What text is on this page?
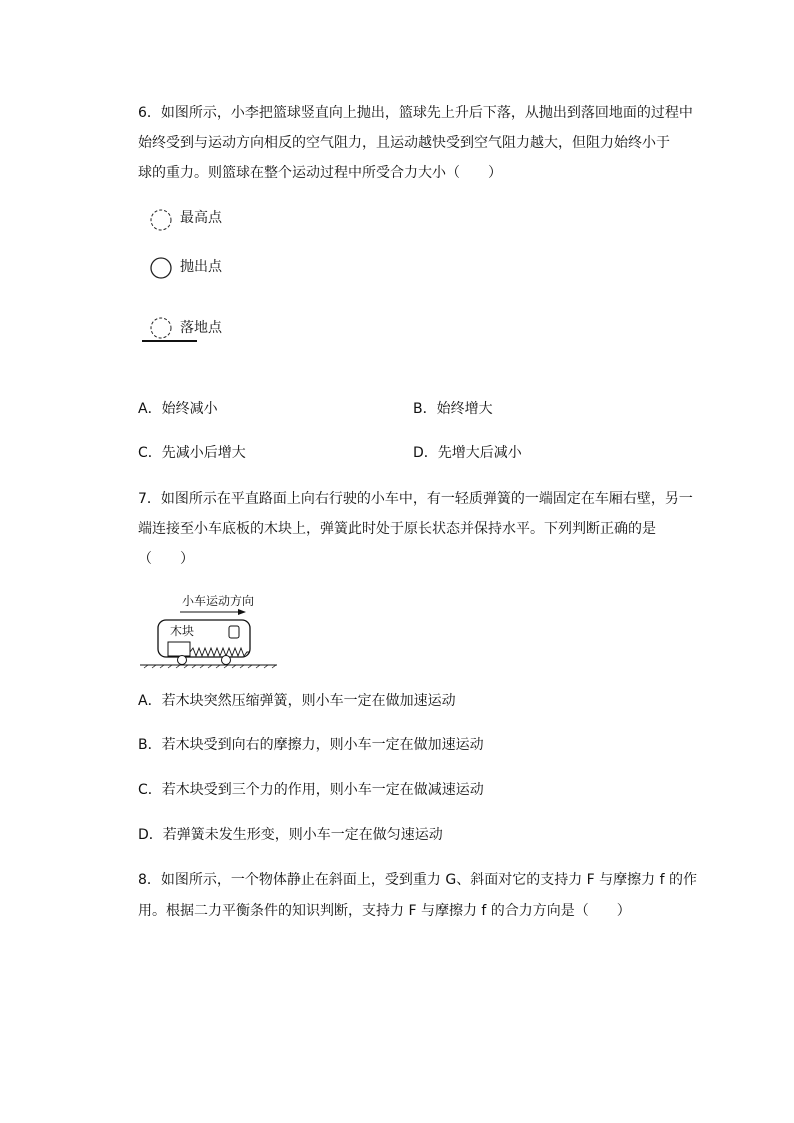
6．如图所示，小李把篮球竖直向上抛出，篮球先上升后下落，从抛出到落回地面的过程中
始终受到与运动方向相反的空气阻力，且运动越快受到空气阻力越大，但阻力始终小于
球的重力。则篮球在整个运动过程中所受合力大小（　　）
最高点
抛出点
落地点
A．始终减小	B．始终增大
C．先减小后增大	D．先增大后减小
7．如图所示在平直路面上向右行驶的小车中，有一轻质弹簧的一端固定在车厢右壁，另一
端连接至小车底板的木块上，弹簧此时处于原长状态并保持水平。下列判断正确的是
（　　）
小车运动方向
木块
A．若木块突然压缩弹簧，则小车一定在做加速运动
B．若木块受到向右的摩擦力，则小车一定在做加速运动
C．若木块受到三个力的作用，则小车一定在做减速运动
D．若弹簧未发生形变，则小车一定在做匀速运动
8．如图所示，一个物体静止在斜面上，受到重力 G、斜面对它的支持力 F 与摩擦力 f 的作
用。根据二力平衡条件的知识判断，支持力 F 与摩擦力 f 的合力方向是（　　）
